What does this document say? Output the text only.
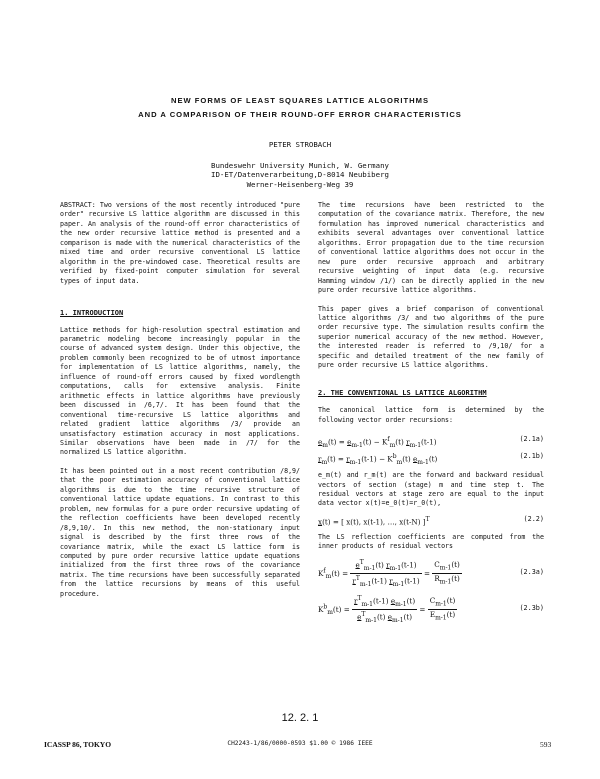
NEW FORMS OF LEAST SQUARES LATTICE ALGORITHMS
AND A COMPARISON OF THEIR ROUND-OFF ERROR CHARACTERISTICS
PETER STROBACH
Bundeswehr University Munich, W. Germany
ID-ET/Datenverarbeitung,D-8014 Neubiberg
Werner-Heisenberg-Weg 39

ABSTRACT: Two versions of the most recently introduced "pure order" recursive LS lattice algorithm are discussed in this paper. An analysis of the round-off error characteristics of the new order recursive lattice method is presented and a comparison is made with the numerical characteristics of the mixed time and order recursive conventional LS lattice algorithm in the pre-windowed case. Theoretical results are verified by fixed-point computer simulation for several types of input data.

1. INTRODUCTION

Lattice methods for high-resolution spectral estimation and parametric modeling become increasingly popular in the course of advanced system design. Under this objective, the problem commonly been recognized to be of utmost importance for implementation of LS lattice algorithms, namely, the influence of round-off errors caused by fixed wordlength computations, calls for extensive analysis. Finite arithmetic effects in lattice algorithms have previously been discussed in /6,7/. It has been found that the conventional time-recursive LS lattice algorithms and related gradient lattice algorithms /3/ provide an unsatisfactory estimation accuracy in most applications. Similar observations have been made in /7/ for the normalized LS lattice algorithm.

It has been pointed out in a most recent contribution /8,9/ that the poor estimation accuracy of conventional lattice algorithms is due to the time recursive structure of conventional lattice update equations. In contrast to this problem, new formulas for a pure order recursive updating of the reflection coefficients have been developed recently /8,9,10/. In this new method, the non-stationary input signal is described by the first three rows of the covariance matrix, while the exact LS lattice form is computed by pure order recursive lattice update equations initialized from the first three rows of the covariance matrix. The time recursions have been successfully separated from the lattice recursions by means of this useful procedure.

The time recursions have been restricted to the computation of the covariance matrix. Therefore, the new formulation has improved numerical characteristics and exhibits several advantages over conventional lattice algorithms. Error propagation due to the time recursion of conventional lattice algorithms does not occur in the new pure order recursive approach and arbitrary recursive weighting of input data (e.g. recursive Hamming window /1/) can be directly applied in the new pure order recursive lattice algorithms.

This paper gives a brief comparison of conventional lattice algorithms /3/ and two algorithms of the pure order recursive type. The simulation results confirm the superior numerical accuracy of the new method. However, the interested reader is referred to /9,10/ for a specific and detailed treatment of the new family of pure order recursive LS lattice algorithms.

2. THE CONVENTIONAL LS LATTICE ALGORITHM

The canonical lattice form is determined by the following vector order recursions:

$e_m(t) = e_{m-1}(t) - K^f_m(t)$ $r_{m-1}(t-1)$	(2.1a)
$r_m(t) = r_{m-1}(t-1) - K^b_m(t)$ $e_{m-1}(t)$	(2.1b)

e_m(t) and r_m(t) are the forward and backward residual vectors of section (stage) m and time step t. The residual vectors at stage zero are equal to the input data vector x(t)=e_0(t)=r_0(t),

x(t) = [ x(t), x(t-1), …, x(t-N) ]$^T$	(2.2)

The LS reflection coefficients are computed from the inner products of residual vectors

$K^f_m(t) = \frac{e^T_{m-1}(t) r_{m-1}(t-1)}{r^T_{m-1}(t-1) r_{m-1}(t-1)} = \frac{C_{m-1}(t)}{R_{m-1}(t)}$	(2.3a)
$K^b_m(t) = \frac{r^T_{m-1}(t-1) e_{m-1}(t)}{e^T_{m-1}(t) e_{m-1}(t)} = \frac{C_{m-1}(t)}{E_{m-1}(t)}$	(2.3b)
12. 2. 1
ICASSP 86, TOKYO	CH2243-1/86/0000-0593 $1.00 © 1986 IEEE	593
